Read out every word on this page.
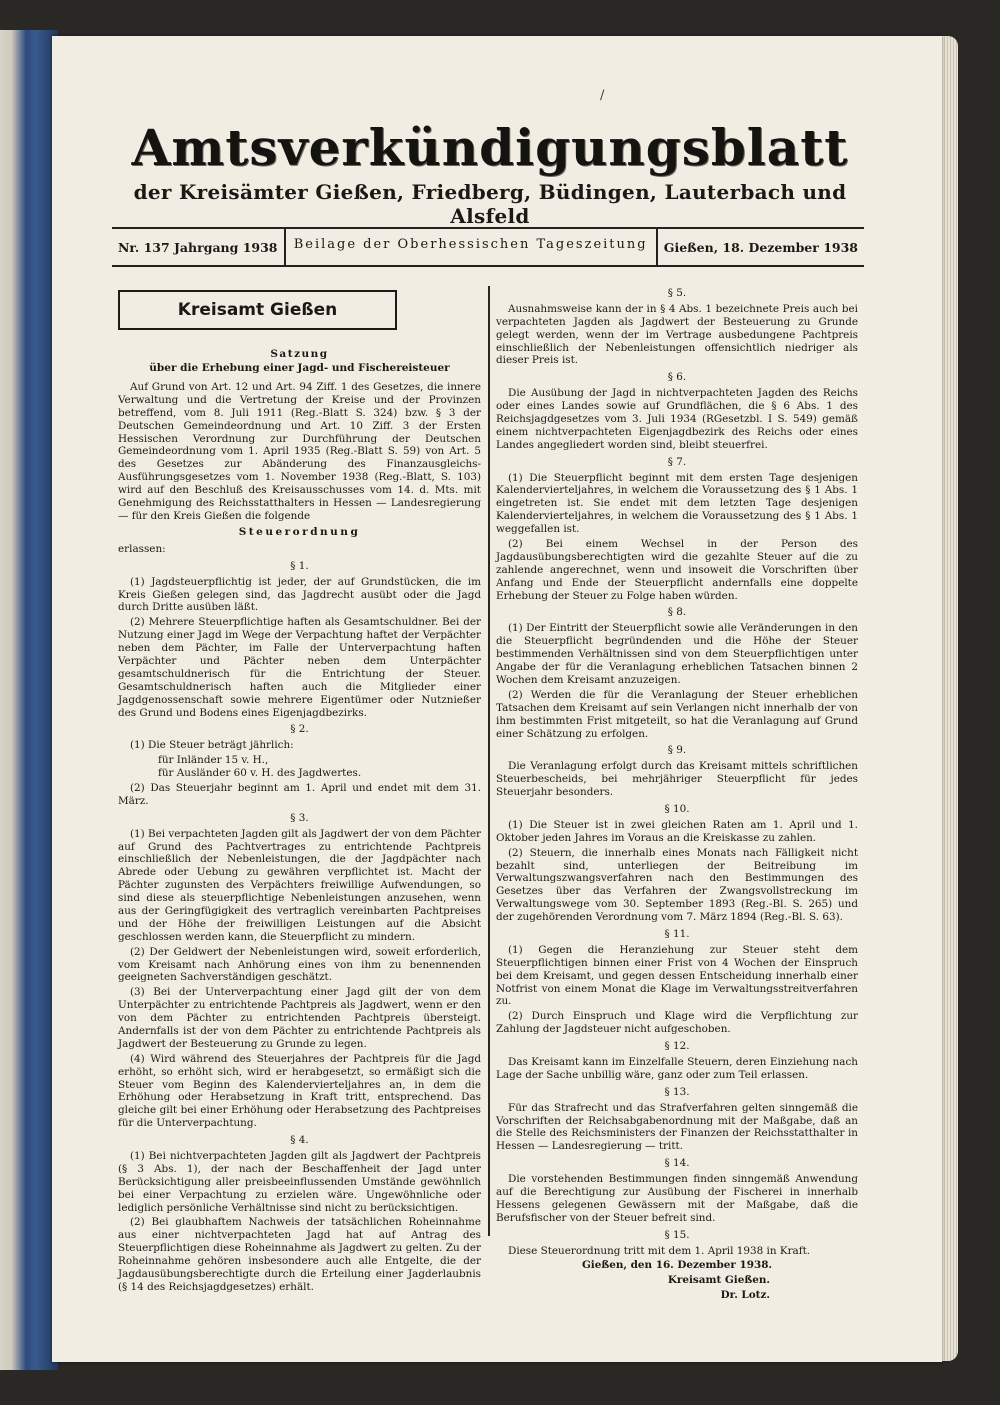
/
Amtsverkündigungsblatt
der Kreisämter Gießen, Friedberg, Büdingen, Lauterbach und Alsfeld
Nr. 137 Jahrgang 1938	Beilage der Oberhessischen Tageszeitung	Gießen, 18. Dezember 1938
Kreisamt Gießen
Satzung
über die Erhebung einer Jagd- und Fischereisteuer

Auf Grund von Art. 12 und Art. 94 Ziff. 1 des Gesetzes, die innere Verwaltung und die Vertretung der Kreise und der Provinzen betreffend, vom 8. Juli 1911 (Reg.-Blatt S. 324) bzw. § 3 der Deutschen Gemeindeordnung und Art. 10 Ziff. 3 der Ersten Hessischen Verordnung zur Durchführung der Deutschen Gemeindeordnung vom 1. April 1935 (Reg.-Blatt S. 59) von Art. 5 des Gesetzes zur Abänderung des Finanzausgleichs-Ausführungsgesetzes vom 1. November 1938 (Reg.-Blatt, S. 103) wird auf den Beschluß des Kreisausschusses vom 14. d. Mts. mit Genehmigung des Reichsstatthalters in Hessen — Landesregierung — für den Kreis Gießen die folgende

Steuerordnung

erlassen:

§ 1.

(1) Jagdsteuerpflichtig ist jeder, der auf Grundstücken, die im Kreis Gießen gelegen sind, das Jagdrecht ausübt oder die Jagd durch Dritte ausüben läßt.

(2) Mehrere Steuerpflichtige haften als Gesamtschuldner. Bei der Nutzung einer Jagd im Wege der Verpachtung haftet der Verpächter neben dem Pächter, im Falle der Unterverpachtung haften Verpächter und Pächter neben dem Unterpächter gesamtschuldnerisch für die Entrichtung der Steuer. Gesamtschuldnerisch haften auch die Mitglieder einer Jagdgenossenschaft sowie mehrere Eigentümer oder Nutznießer des Grund und Bodens eines Eigenjagdbezirks.

§ 2.

(1) Die Steuer beträgt jährlich:

für Inländer 15 v. H.,
für Ausländer 60 v. H. des Jagdwertes.

(2) Das Steuerjahr beginnt am 1. April und endet mit dem 31. März.

§ 3.

(1) Bei verpachteten Jagden gilt als Jagdwert der von dem Pächter auf Grund des Pachtvertrages zu entrichtende Pachtpreis einschließlich der Nebenleistungen, die der Jagdpächter nach Abrede oder Uebung zu gewähren verpflichtet ist. Macht der Pächter zugunsten des Verpächters freiwillige Aufwendungen, so sind diese als steuerpflichtige Nebenleistungen anzusehen, wenn aus der Geringfügigkeit des vertraglich vereinbarten Pachtpreises und der Höhe der freiwilligen Leistungen auf die Absicht geschlossen werden kann, die Steuerpflicht zu mindern.

(2) Der Geldwert der Nebenleistungen wird, soweit erforderlich, vom Kreisamt nach Anhörung eines von ihm zu benennenden geeigneten Sachverständigen geschätzt.

(3) Bei der Unterverpachtung einer Jagd gilt der von dem Unterpächter zu entrichtende Pachtpreis als Jagdwert, wenn er den von dem Pächter zu entrichtenden Pachtpreis übersteigt. Andernfalls ist der von dem Pächter zu entrichtende Pachtpreis als Jagdwert der Besteuerung zu Grunde zu legen.

(4) Wird während des Steuerjahres der Pachtpreis für die Jagd erhöht, so erhöht sich, wird er herabgesetzt, so ermäßigt sich die Steuer vom Beginn des Kalendervierteljahres an, in dem die Erhöhung oder Herabsetzung in Kraft tritt, entsprechend. Das gleiche gilt bei einer Erhöhung oder Herabsetzung des Pachtpreises für die Unterverpachtung.

§ 4.

(1) Bei nichtverpachteten Jagden gilt als Jagdwert der Pachtpreis (§ 3 Abs. 1), der nach der Beschaffenheit der Jagd unter Berücksichtigung aller preisbeeinflussenden Umstände gewöhnlich bei einer Verpachtung zu erzielen wäre. Ungewöhnliche oder lediglich persönliche Verhältnisse sind nicht zu berücksichtigen.

(2) Bei glaubhaftem Nachweis der tatsächlichen Roheinnahme aus einer nichtverpachteten Jagd hat auf Antrag des Steuerpflichtigen diese Roheinnahme als Jagdwert zu gelten. Zu der Roheinnahme gehören insbesondere auch alle Entgelte, die der Jagdausübungsberechtigte durch die Erteilung einer Jagderlaubnis (§ 14 des Reichsjagdgesetzes) erhält.

§ 5.

Ausnahmsweise kann der in § 4 Abs. 1 bezeichnete Preis auch bei verpachteten Jagden als Jagdwert der Besteuerung zu Grunde gelegt werden, wenn der im Vertrage ausbedungene Pachtpreis einschließlich der Nebenleistungen offensichtlich niedriger als dieser Preis ist.

§ 6.

Die Ausübung der Jagd in nichtverpachteten Jagden des Reichs oder eines Landes sowie auf Grundflächen, die § 6 Abs. 1 des Reichsjagdgesetzes vom 3. Juli 1934 (RGesetzbl. I S. 549) gemäß einem nichtverpachteten Eigenjagdbezirk des Reichs oder eines Landes angegliedert worden sind, bleibt steuerfrei.

§ 7.

(1) Die Steuerpflicht beginnt mit dem ersten Tage desjenigen Kalendervierteljahres, in welchem die Voraussetzung des § 1 Abs. 1 eingetreten ist. Sie endet mit dem letzten Tage desjenigen Kalendervierteljahres, in welchem die Voraussetzung des § 1 Abs. 1 weggefallen ist.

(2) Bei einem Wechsel in der Person des Jagdausübungsberechtigten wird die gezahlte Steuer auf die zu zahlende angerechnet, wenn und insoweit die Vorschriften über Anfang und Ende der Steuerpflicht andernfalls eine doppelte Erhebung der Steuer zu Folge haben würden.

§ 8.

(1) Der Eintritt der Steuerpflicht sowie alle Veränderungen in den die Steuerpflicht begründenden und die Höhe der Steuer bestimmenden Verhältnissen sind von dem Steuerpflichtigen unter Angabe der für die Veranlagung erheblichen Tatsachen binnen 2 Wochen dem Kreisamt anzuzeigen.

(2) Werden die für die Veranlagung der Steuer erheblichen Tatsachen dem Kreisamt auf sein Verlangen nicht innerhalb der von ihm bestimmten Frist mitgeteilt, so hat die Veranlagung auf Grund einer Schätzung zu erfolgen.

§ 9.

Die Veranlagung erfolgt durch das Kreisamt mittels schriftlichen Steuerbescheids, bei mehrjähriger Steuerpflicht für jedes Steuerjahr besonders.

§ 10.

(1) Die Steuer ist in zwei gleichen Raten am 1. April und 1. Oktober jeden Jahres im Voraus an die Kreiskasse zu zahlen.

(2) Steuern, die innerhalb eines Monats nach Fälligkeit nicht bezahlt sind, unterliegen der Beitreibung im Verwaltungszwangsverfahren nach den Bestimmungen des Gesetzes über das Verfahren der Zwangsvollstreckung im Verwaltungswege vom 30. September 1893 (Reg.-Bl. S. 265) und der zugehörenden Verordnung vom 7. März 1894 (Reg.-Bl. S. 63).

§ 11.

(1) Gegen die Heranziehung zur Steuer steht dem Steuerpflichtigen binnen einer Frist von 4 Wochen der Einspruch bei dem Kreisamt, und gegen dessen Entscheidung innerhalb einer Notfrist von einem Monat die Klage im Verwaltungsstreitverfahren zu.

(2) Durch Einspruch und Klage wird die Verpflichtung zur Zahlung der Jagdsteuer nicht aufgeschoben.

§ 12.

Das Kreisamt kann im Einzelfalle Steuern, deren Einziehung nach Lage der Sache unbillig wäre, ganz oder zum Teil erlassen.

§ 13.

Für das Strafrecht und das Strafverfahren gelten sinngemäß die Vorschriften der Reichsabgabenordnung mit der Maßgabe, daß an die Stelle des Reichsministers der Finanzen der Reichsstatthalter in Hessen — Landesregierung — tritt.

§ 14.

Die vorstehenden Bestimmungen finden sinngemäß Anwendung auf die Berechtigung zur Ausübung der Fischerei in innerhalb Hessens gelegenen Gewässern mit der Maßgabe, daß die Berufsfischer von der Steuer befreit sind.

§ 15.

Diese Steuerordnung tritt mit dem 1. April 1938 in Kraft.

Gießen, den 16. Dezember 1938.
Kreisamt Gießen.
Dr. Lotz.
